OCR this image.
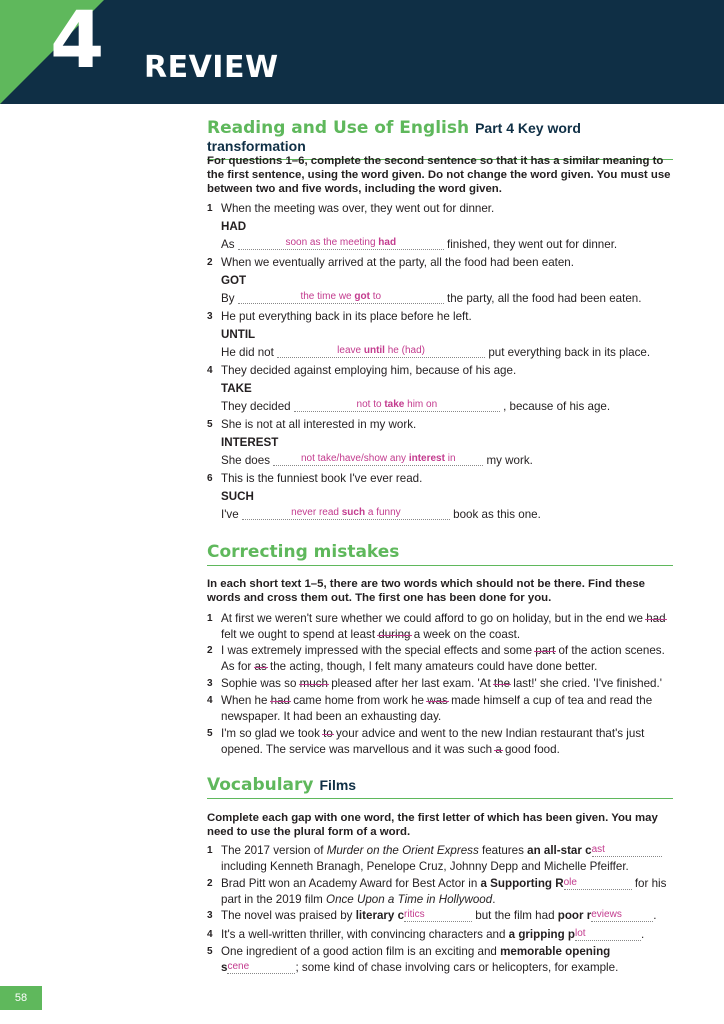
4 REVIEW
Reading and Use of English Part 4 Key word transformation
For questions 1–6, complete the second sentence so that it has a similar meaning to the first sentence, using the word given. Do not change the word given. You must use between two and five words, including the word given.
1 When the meeting was over, they went out for dinner.
HAD
As	soon as the meeting had	finished, they went out for dinner.
2 When we eventually arrived at the party, all the food had been eaten.
GOT
By	the time we got to	the party, all the food had been eaten.
3 He put everything back in its place before he left.
UNTIL
He did not	leave until he (had)	put everything back in its place.
4 They decided against employing him, because of his age.
TAKE
They decided	not to take him on	, because of his age.
5 She is not at all interested in my work.
INTEREST
She does	not take/have/show any interest in	my work.
6 This is the funniest book I've ever read.
SUCH
I've	never read such a funny	book as this one.
Correcting mistakes
In each short text 1–5, there are two words which should not be there. Find these words and cross them out. The first one has been done for you.
1 At first we weren't sure whether we could afford to go on holiday, but in the end we had
felt we ought to spend at least during a week on the coast.
2 I was extremely impressed with the special effects and some part of the action scenes.
As for as the acting, though, I felt many amateurs could have done better.
3 Sophie was so much pleased after her last exam. 'At the last!' she cried. 'I've finished.'
4 When he had came home from work he was made himself a cup of tea and read the
newspaper. It had been an exhausting day.
5 I'm so glad we took to your advice and went to the new Indian restaurant that's just
opened. The service was marvellous and it was such a good food.
Vocabulary Films
Complete each gap with one word, the first letter of which has been given. You may need to use the plural form of a word.
1 The 2017 version of Murder on the Orient Express features an all-star cast
including Kenneth Branagh, Penelope Cruz, Johnny Depp and Michelle Pfeiffer.
2 Brad Pitt won an Academy Award for Best Actor in a Supporting Role	for his
part in the 2019 film Once Upon a Time in Hollywood.
3 The novel was praised by literary critics	but the film had poor reviews	.
4 It's a well-written thriller, with convincing characters and a gripping plot	.
5 One ingredient of a good action film is an exciting and memorable opening
scene	; some kind of chase involving cars or helicopters, for example.
58
